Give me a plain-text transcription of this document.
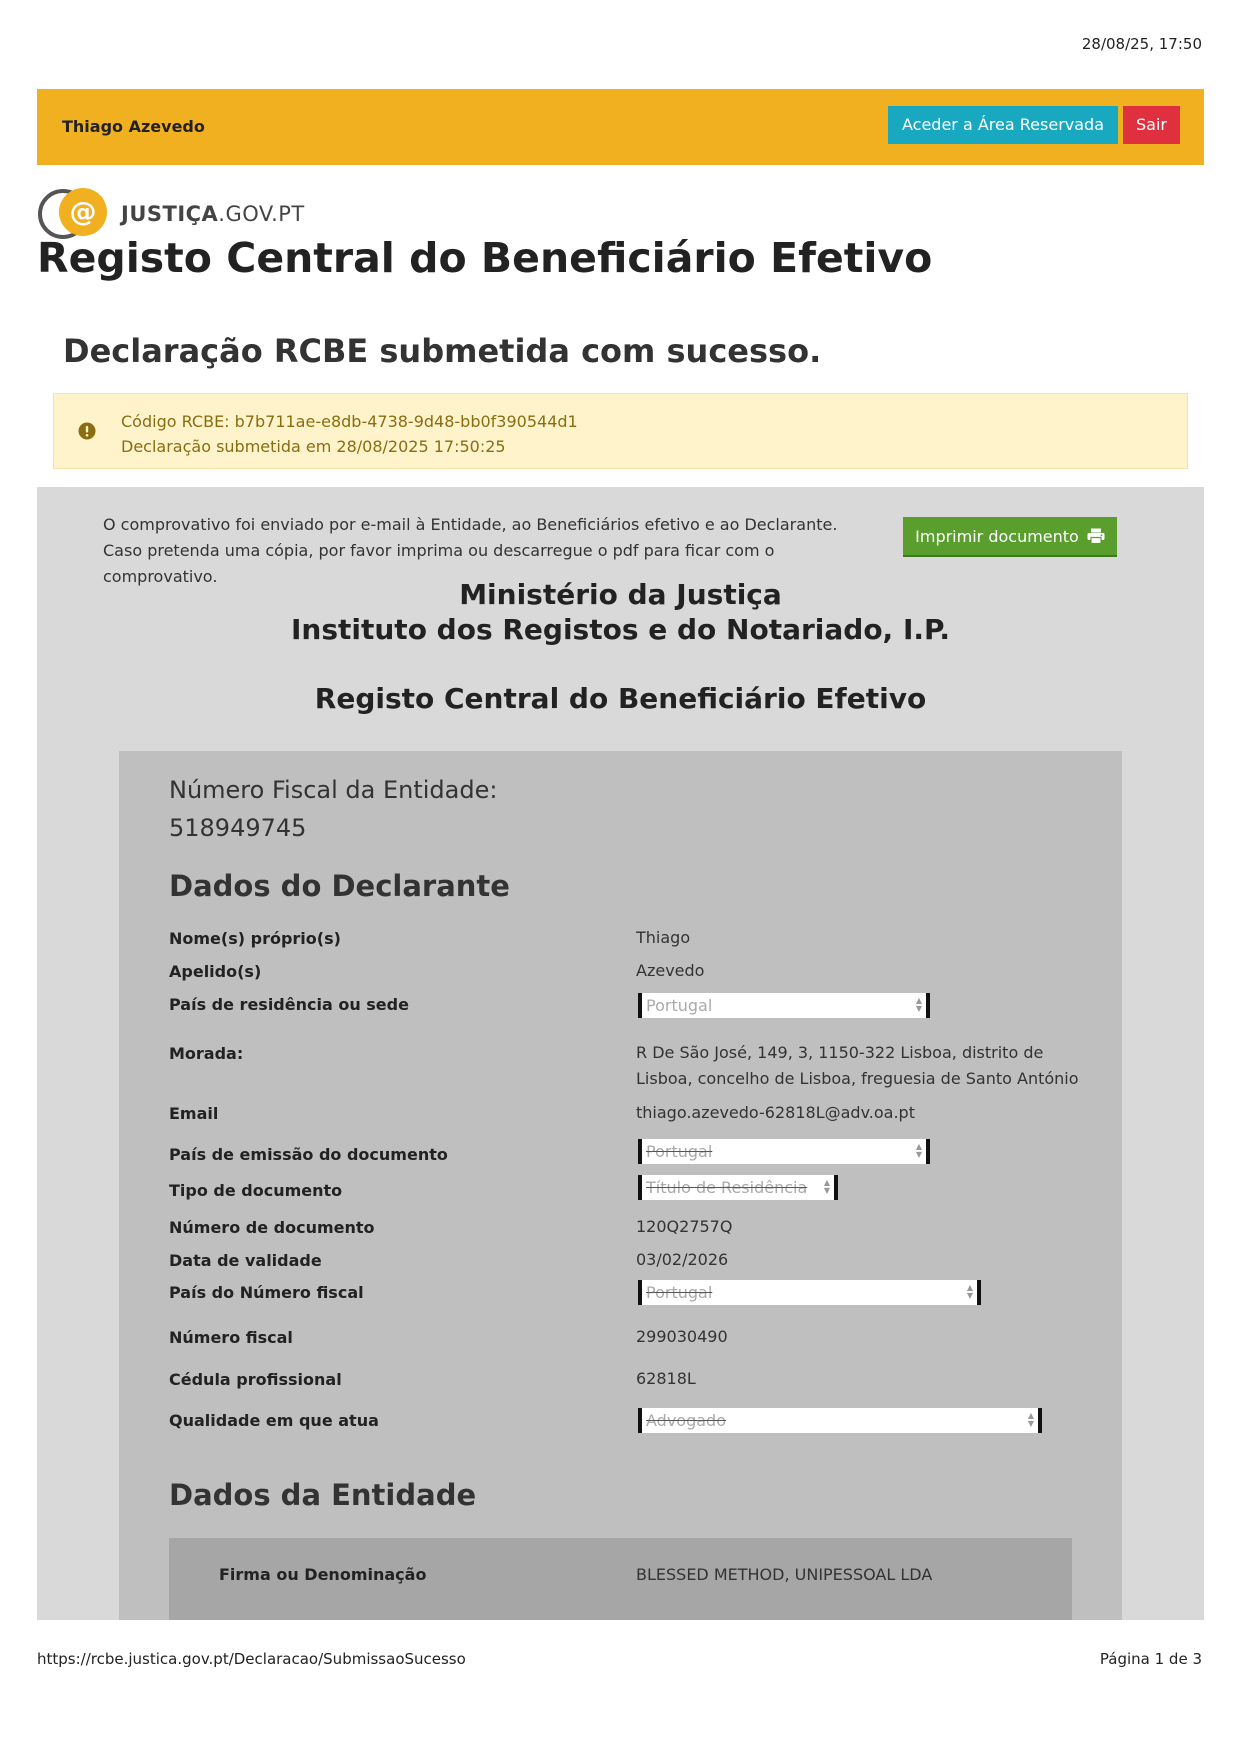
28/08/25, 17:50
Thiago Azevedo	Aceder a Área Reservada	Sair
@ JUSTIÇA.GOV.PT
Registo Central do Beneficiário Efetivo
Declaração RCBE submetida com sucesso.
Código RCBE: b7b711ae-e8db-4738-9d48-bb0f390544d1
Declaração submetida em 28/08/2025 17:50:25
O comprovativo foi enviado por e-mail à Entidade, ao Beneficiários efetivo e ao Declarante. Caso pretenda uma cópia, por favor imprima ou descarregue o pdf para ficar com o comprovativo.
Imprimir documento
Ministério da Justiça
Instituto dos Registos e do Notariado, I.P.
Registo Central do Beneficiário Efetivo
Número Fiscal da Entidade:
518949745
Dados do Declarante
Nome(s) próprio(s)	Thiago
Apelido(s)	Azevedo
País de residência ou sede	Portugal	▲
▼
Morada:	R De São José, 149, 3, 1150-322 Lisboa, distrito de
Lisboa, concelho de Lisboa, freguesia de Santo António
Email	thiago.azevedo-62818L@adv.oa.pt
País de emissão do documento	Portugal	▲
▼
Tipo de documento	Título de Residência ▲
▼
Número de documento	120Q2757Q
Data de validade	03/02/2026
País do Número fiscal	Portugal	▲
▼
Número fiscal	299030490
Cédula profissional	62818L
Qualidade em que atua	Advogado	▲
▼
Dados da Entidade
Firma ou Denominação	BLESSED METHOD, UNIPESSOAL LDA
https://rcbe.justica.gov.pt/Declaracao/SubmissaoSucesso	Página 1 de 3
